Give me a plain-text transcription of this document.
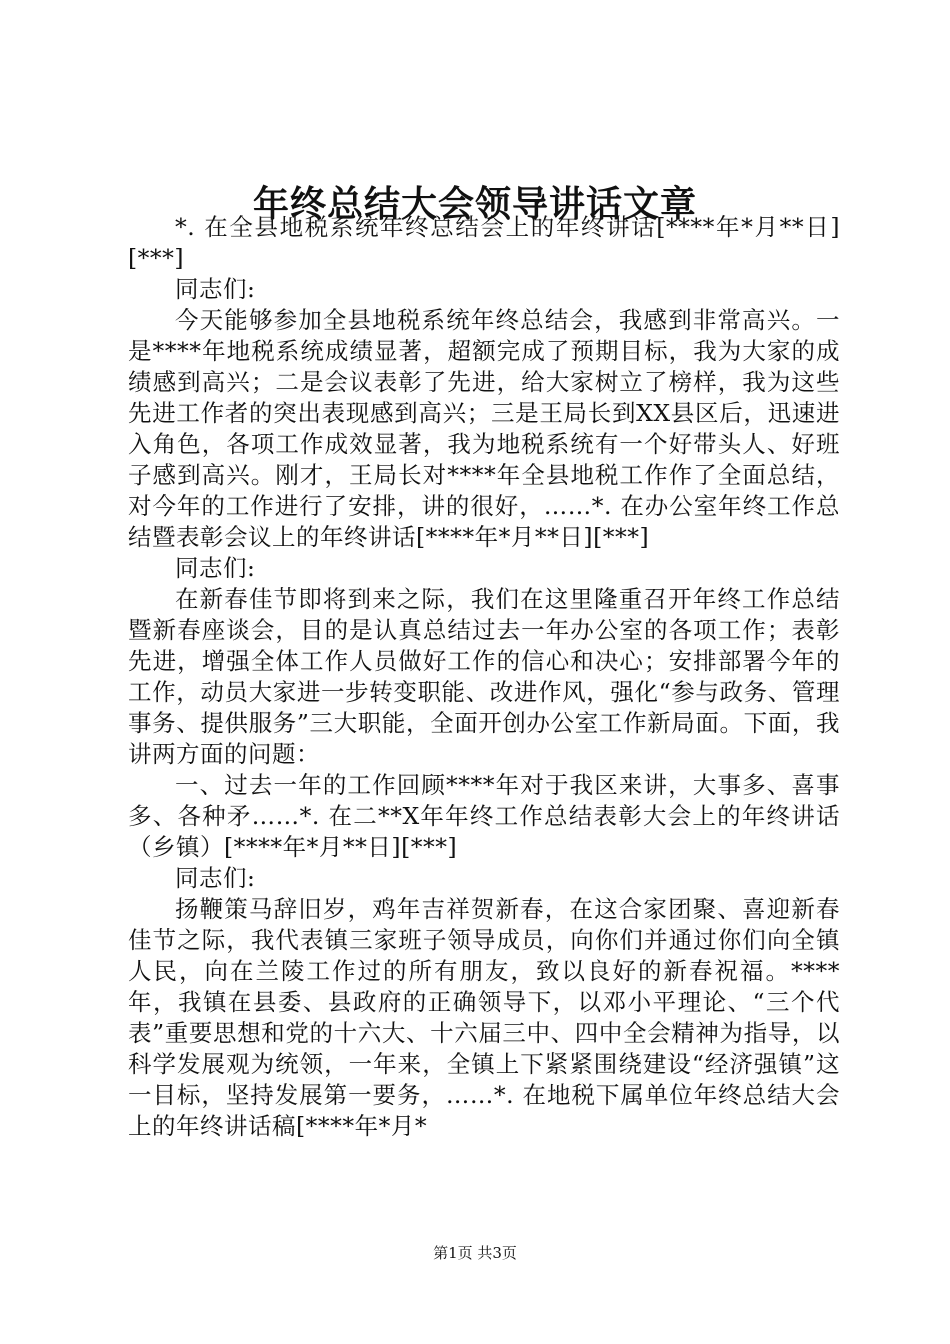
年终总结大会领导讲话文章

*. 在全县地税系统年终总结会上的年终讲话[****年*月**日][***]

同志们:

今天能够参加全县地税系统年终总结会，我感到非常高兴。一是****年地税系统成绩显著，超额完成了预期目标，我为大家的成绩感到高兴；二是会议表彰了先进，给大家树立了榜样，我为这些先进工作者的突出表现感到高兴；三是王局长到XX县区后，迅速进入角色，各项工作成效显著，我为地税系统有一个好带头人、好班子感到高兴。刚才，王局长对****年全县地税工作作了全面总结，对今年的工作进行了安排，讲的很好，……*. 在办公室年终工作总结暨表彰会议上的年终讲话[****年*月**日][***]

同志们:

在新春佳节即将到来之际，我们在这里隆重召开年终工作总结暨新春座谈会，目的是认真总结过去一年办公室的各项工作；表彰先进，增强全体工作人员做好工作的信心和决心；安排部署今年的工作，动员大家进一步转变职能、改进作风，强化“参与政务、管理事务、提供服务”三大职能，全面开创办公室工作新局面。下面，我讲两方面的问题：

一、过去一年的工作回顾****年对于我区来讲，大事多、喜事多、各种矛……*. 在二**X年年终工作总结表彰大会上的年终讲话（乡镇）[****年*月**日][***]

同志们:

扬鞭策马辞旧岁，鸡年吉祥贺新春，在这合家团聚、喜迎新春佳节之际，我代表镇三家班子领导成员，向你们并通过你们向全镇人民，向在兰陵工作过的所有朋友，致以良好的新春祝福。****年，我镇在县委、县政府的正确领导下，以邓小平理论、“三个代表”重要思想和党的十六大、十六届三中、四中全会精神为指导，以科学发展观为统领，一年来，全镇上下紧紧围绕建设“经济强镇”这一目标，坚持发展第一要务，……*. 在地税下属单位年终总结大会上的年终讲话稿[****年*月*

第1页 共3页
